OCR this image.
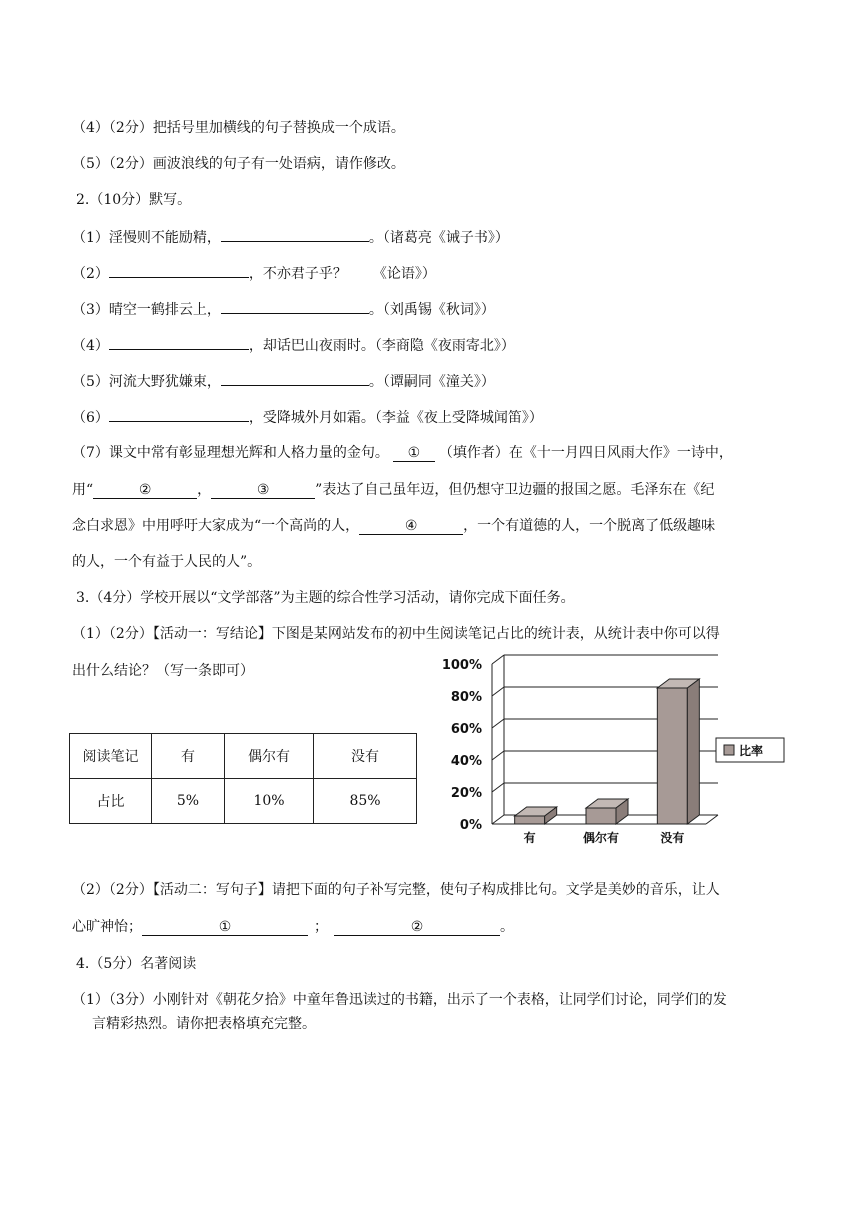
（4）（2分）把括号里加横线的句子替换成一个成语。
（5）（2分）画波浪线的句子有一处语病，请作修改。
2.（10分）默写。
（1）淫慢则不能励精，	。（诸葛亮《诫子书》）
（2）	，不亦君子乎？ 《论语》）
（3）晴空一鹤排云上，	。（刘禹锡《秋词》）
（4）	，却话巴山夜雨时。（李商隐《夜雨寄北》）
（5）河流大野犹嫌束，	。（谭嗣同《潼关》）
（6）	，受降城外月如霜。（李益《夜上受降城闻笛》）
（7）课文中常有彰显理想光辉和人格力量的金句。 ① （填作者）在《十一月四日风雨大作》一诗中，
用“	②	，	③	”表达了自己虽年迈，但仍想守卫边疆的报国之愿。毛泽东在《纪
念白求恩》中用呼吁大家成为“一个高尚的人，	④	，一个有道德的人，一个脱离了低级趣味
的人，一个有益于人民的人”。
3.（4分）学校开展以“文学部落”为主题的综合性学习活动，请你完成下面任务。
（1）（2分）【活动一：写结论】下图是某网站发布的初中生阅读笔记占比的统计表，从统计表中你可以得
出什么结论？（写一条即可）
阅读笔记	有	偶尔有	没有
占比	5%	10%	85%
0%
20%
40%
60%
80%
100%
有	偶尔有	没有
比率
（2）（2分）【活动二：写句子】请把下面的句子补写完整，使句子构成排比句。文学是美妙的音乐，让人
心旷神怡；	①	；	②	。
4.（5分）名著阅读
（1）（3分）小刚针对《朝花夕拾》中童年鲁迅读过的书籍，出示了一个表格，让同学们讨论，同学们的发
言精彩热烈。请你把表格填充完整。
